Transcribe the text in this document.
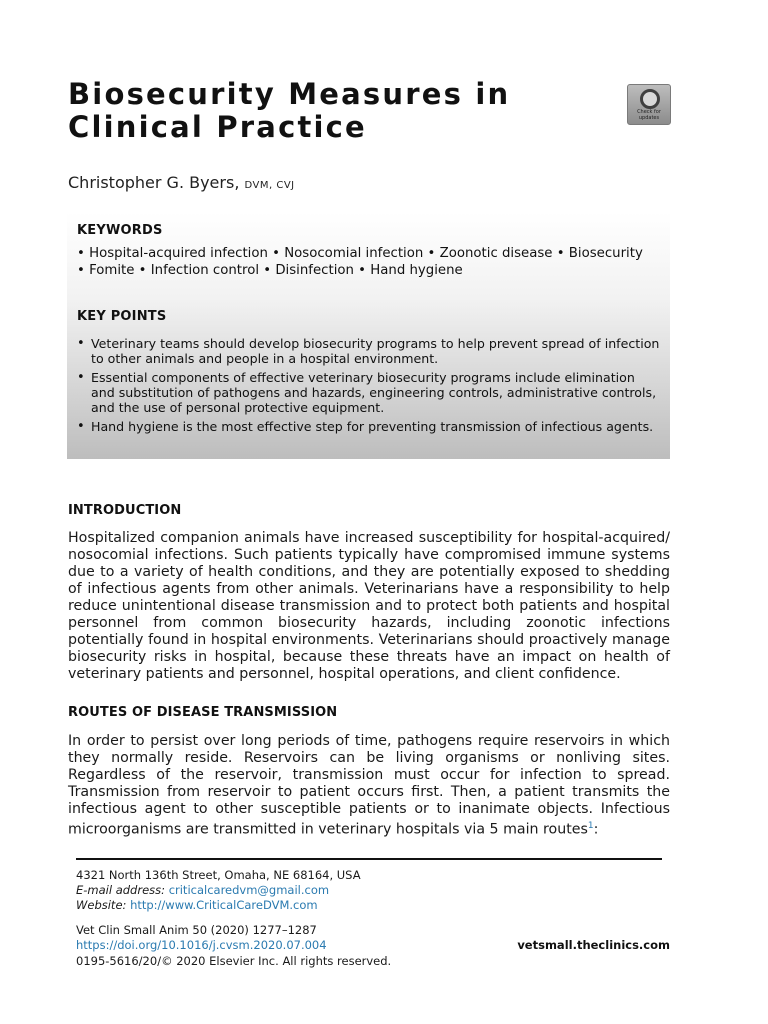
Biosecurity Measures in
Clinical Practice	Check for
updates
Christopher G. Byers, DVM, CVJ
KEYWORDS
• Hospital-acquired infection • Nosocomial infection • Zoonotic disease • Biosecurity
• Fomite • Infection control • Disinfection • Hand hygiene
KEY POINTS
• Veterinary teams should develop biosecurity programs to help prevent spread of infection to other animals and people in a hospital environment.
• Essential components of effective veterinary biosecurity programs include elimination and substitution of pathogens and hazards, engineering controls, administrative controls, and the use of personal protective equipment.
• Hand hygiene is the most effective step for preventing transmission of infectious agents.
INTRODUCTION

Hospitalized companion animals have increased susceptibility for hospital-acquired/ nosocomial infections. Such patients typically have compromised immune systems due to a variety of health conditions, and they are potentially exposed to shedding of infectious agents from other animals. Veterinarians have a responsibility to help reduce unintentional disease transmission and to protect both patients and hospital personnel from common biosecurity hazards, including zoonotic infections potentially found in hospital environments. Veterinarians should proactively manage biosecurity risks in hospital, because these threats have an impact on health of veterinary patients and personnel, hospital operations, and client confidence.

ROUTES OF DISEASE TRANSMISSION

In order to persist over long periods of time, pathogens require reservoirs in which they normally reside. Reservoirs can be living organisms or nonliving sites. Regardless of the reservoir, transmission must occur for infection to spread. Transmission from reservoir to patient occurs first. Then, a patient transmits the infectious agent to other susceptible patients or to inanimate objects. Infectious microorganisms are transmitted in veterinary hospitals via 5 main routes$^1$:

4321 North 136th Street, Omaha, NE 68164, USA
E-mail address: criticalcaredvm@gmail.com
Website: http://www.CriticalCareDVM.com
Vet Clin Small Anim 50 (2020) 1277–1287
https://doi.org/10.1016/j.cvsm.2020.07.004	vetsmall.theclinics.com
0195-5616/20/© 2020 Elsevier Inc. All rights reserved.
